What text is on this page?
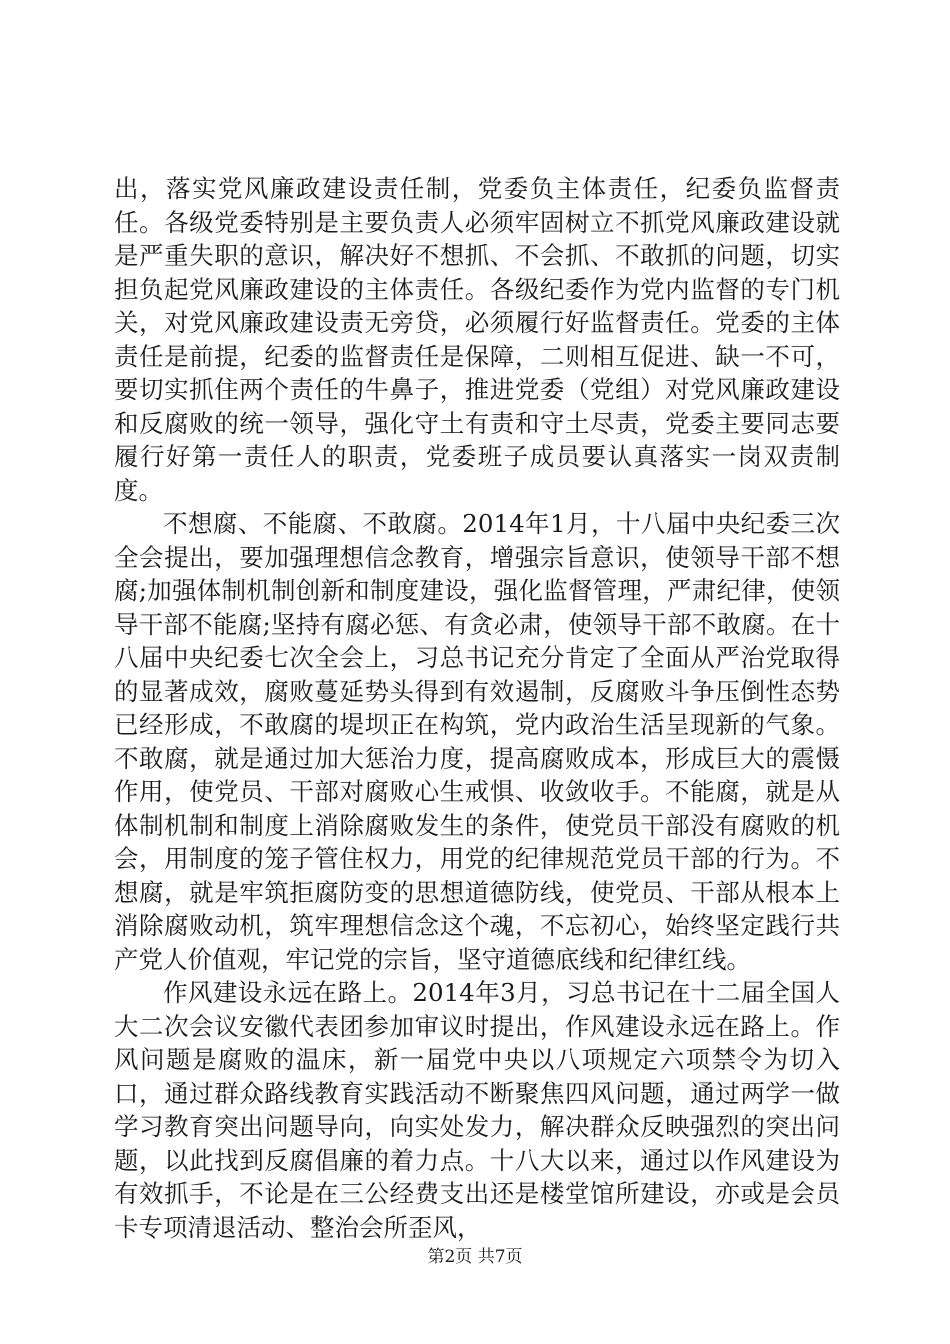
出，落实党风廉政建设责任制，党委负主体责任，纪委负监督责任。各级党委特别是主要负责人必须牢固树立不抓党风廉政建设就是严重失职的意识，解决好不想抓、不会抓、不敢抓的问题，切实担负起党风廉政建设的主体责任。各级纪委作为党内监督的专门机关，对党风廉政建设责无旁贷，必须履行好监督责任。党委的主体责任是前提，纪委的监督责任是保障，二则相互促进、缺一不可，要切实抓住两个责任的牛鼻子，推进党委（党组）对党风廉政建设和反腐败的统一领导，强化守土有责和守土尽责，党委主要同志要履行好第一责任人的职责，党委班子成员要认真落实一岗双责制度。

不想腐、不能腐、不敢腐。2014年1月，十八届中央纪委三次全会提出，要加强理想信念教育，增强宗旨意识，使领导干部不想腐;加强体制机制创新和制度建设，强化监督管理，严肃纪律，使领导干部不能腐;坚持有腐必惩、有贪必肃，使领导干部不敢腐。在十八届中央纪委七次全会上，习总书记充分肯定了全面从严治党取得的显著成效，腐败蔓延势头得到有效遏制，反腐败斗争压倒性态势已经形成，不敢腐的堤坝正在构筑，党内政治生活呈现新的气象。不敢腐，就是通过加大惩治力度，提高腐败成本，形成巨大的震慑作用，使党员、干部对腐败心生戒惧、收敛收手。不能腐，就是从体制机制和制度上消除腐败发生的条件，使党员干部没有腐败的机会，用制度的笼子管住权力，用党的纪律规范党员干部的行为。不想腐，就是牢筑拒腐防变的思想道德防线，使党员、干部从根本上消除腐败动机，筑牢理想信念这个魂，不忘初心，始终坚定践行共产党人价值观，牢记党的宗旨，坚守道德底线和纪律红线。

作风建设永远在路上。2014年3月，习总书记在十二届全国人大二次会议安徽代表团参加审议时提出，作风建设永远在路上。作风问题是腐败的温床，新一届党中央以八项规定六项禁令为切入口，通过群众路线教育实践活动不断聚焦四风问题，通过两学一做学习教育突出问题导向，向实处发力，解决群众反映强烈的突出问题，以此找到反腐倡廉的着力点。十八大以来，通过以作风建设为有效抓手，不论是在三公经费支出还是楼堂馆所建设，亦或是会员卡专项清退活动、整治会所歪风，

第2页 共7页
